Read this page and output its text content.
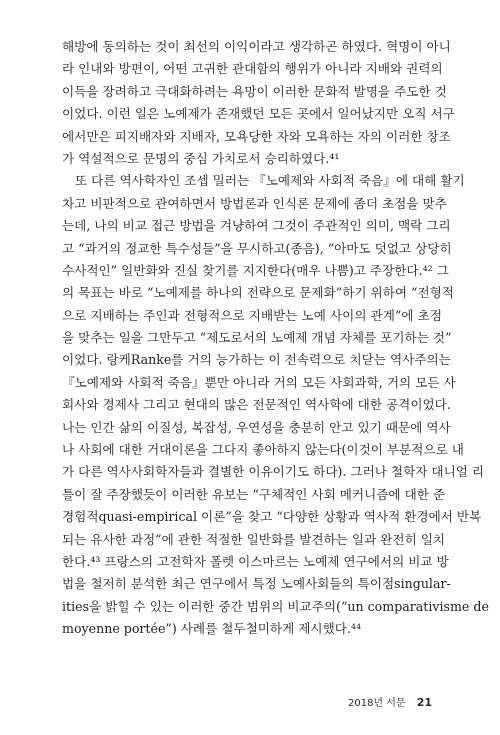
해방에 동의하는 것이 최선의 이익이라고 생각하곤 하였다. 혁명이 아니
라 인내와 방편이, 어떤 고귀한 관대함의 행위가 아니라 지배와 권력의
이득을 장려하고 극대화하려는 욕망이 이러한 문화적 발명을 주도한 것
이었다. 이런 일은 노예제가 존재했던 모든 곳에서 일어났지만 오직 서구
에서만은 피지배자와 지배자, 모욕당한 자와 모욕하는 자의 이러한 창조
가 역설적으로 문명의 중심 가치로서 승리하였다.⁴¹
또 다른 역사학자인 조셉 밀러는 『노예제와 사회적 죽음』에 대해 활기
차고 비판적으로 관여하면서 방법론과 인식론 문제에 좀더 초점을 맞추
는데, 나의 비교 접근 방법을 겨냥하여 그것이 주관적인 의미, 맥락 그리
고 “과거의 정교한 특수성들”을 무시하고(종음), “아마도 덧없고 상당히
수사적인” 일반화와 진실 찾기를 지지한다(매우 나쁨)고 주장한다.⁴² 그
의 목표는 바로 “노예제를 하나의 전략으로 문제화”하기 위하여 “전형적
으로 지배하는 주인과 전형적으로 지배받는 노예 사이의 관계”에 초점
을 맞추는 일을 그만두고 “제도로서의 노예제 개념 자체를 포기하는 것”
이었다. 랑케Ranke를 거의 능가하는 이 전속력으로 치닫는 역사주의는
『노예제와 사회적 죽음』뿐만 아니라 거의 모든 사회과학, 거의 모든 사
회사와 경제사 그리고 현대의 많은 전문적인 역사학에 대한 공격이었다.
나는 인간 삶의 이질성, 복잡성, 우연성을 충분히 안고 있기 때문에 역사
나 사회에 대한 거대이론을 그다지 좋아하지 않는다(이것이 부분적으로 내
가 다른 역사사회학자들과 결별한 이유이기도 하다). 그러나 철학자 대니얼 리
틀이 잘 주장했듯이 이러한 유보는 “구체적인 사회 메커니즘에 대한 준
경험적quasi-empirical 이론”을 찾고 “다양한 상황과 역사적 환경에서 반복
되는 유사한 과정”에 관한 적절한 일반화를 발견하는 일과 완전히 일치
한다.⁴³ 프랑스의 고전학자 폴렛 이스마르는 노예제 연구에서의 비교 방
법을 철저히 분석한 최근 연구에서 특정 노예사회들의 특이점singular-
ities을 밝힐 수 있는 이러한 중간 범위의 비교주의(“un comparativisme de
moyenne portée”) 사례를 철두철미하게 제시했다.⁴⁴
2018년 서문 21
